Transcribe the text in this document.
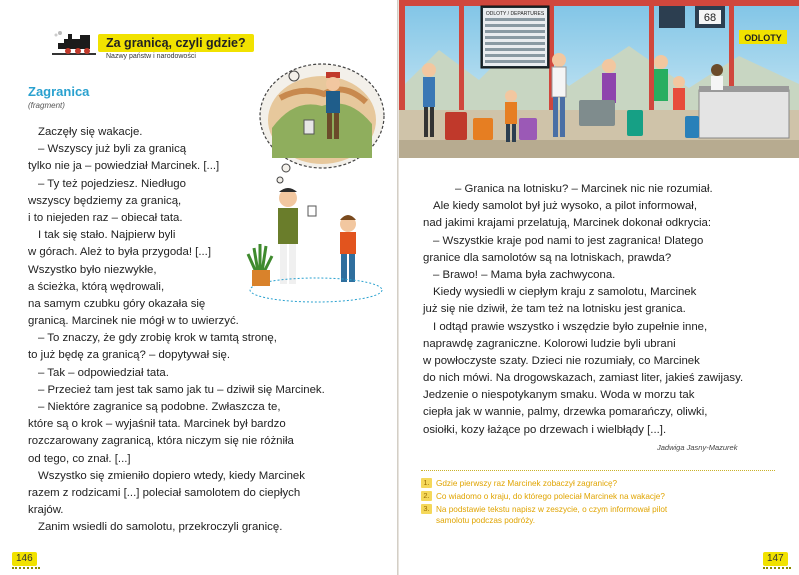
Za granicą, czyli gdzie?
Nazwy państw i narodowości
Zagranica
(fragment)
Zaczęły się wakacje.
– Wszyscy już byli za granicą
tylko nie ja – powiedział Marcinek. [...]
– Ty też pojedziesz. Niedługo
wszyscy będziemy za granicą,
i to niejeden raz – obiecał tata.
I tak się stało. Najpierw byli
w górach. Ależ to była przygoda! [...]
Wszystko było niezwykłe,
a ścieżka, którą wędrowali,
na samym czubku góry okazała się
granicą. Marcinek nie mógł w to uwierzyć.
– To znaczy, że gdy zrobię krok w tamtą stronę,
to już będę za granicą? – dopytywał się.
– Tak – odpowiedział tata.
– Przecież tam jest tak samo jak tu – dziwił się Marcinek.
– Niektóre zagranice są podobne. Zwłaszcza te,
które są o krok – wyjaśnił tata. Marcinek był bardzo
rozczarowany zagranicą, która niczym się nie różniła
od tego, co znał. [...]
Wszystko się zmieniło dopiero wtedy, kiedy Marcinek
razem z rodzicami [...] poleciał samolotem do ciepłych
krajów.
Zanim wsiedli do samolotu, przekroczyli granicę.
146
ODLOTY / DEPARTURES	68
ODLOTY
– Granica na lotnisku? – Marcinek nic nie rozumiał.
Ale kiedy samolot był już wysoko, a pilot informował,
nad jakimi krajami przelatują, Marcinek dokonał odkrycia:
– Wszystkie kraje pod nami to jest zagranica! Dlatego
granice dla samolotów są na lotniskach, prawda?
– Brawo! – Mama była zachwycona.
Kiedy wysiedli w ciepłym kraju z samolotu, Marcinek
już się nie dziwił, że tam też na lotnisku jest granica.
I odtąd prawie wszystko i wszędzie było zupełnie inne,
naprawdę zagraniczne. Kolorowi ludzie byli ubrani
w powłoczyste szaty. Dzieci nie rozumiały, co Marcinek
do nich mówi. Na drogowskazach, zamiast liter, jakieś zawijasy.
Jedzenie o niespotykanym smaku. Woda w morzu tak
ciepła jak w wannie, palmy, drzewka pomarańczy, oliwki,
osiołki, kozy łażące po drzewach i wielbłądy [...].
Jadwiga Jasny-Mazurek
1. Gdzie pierwszy raz Marcinek zobaczył zagranicę?
2. Co wiadomo o kraju, do którego poleciał Marcinek na wakacje?
3. Na podstawie tekstu napisz w zeszycie, o czym informował pilot
samolotu podczas podróży.
147
